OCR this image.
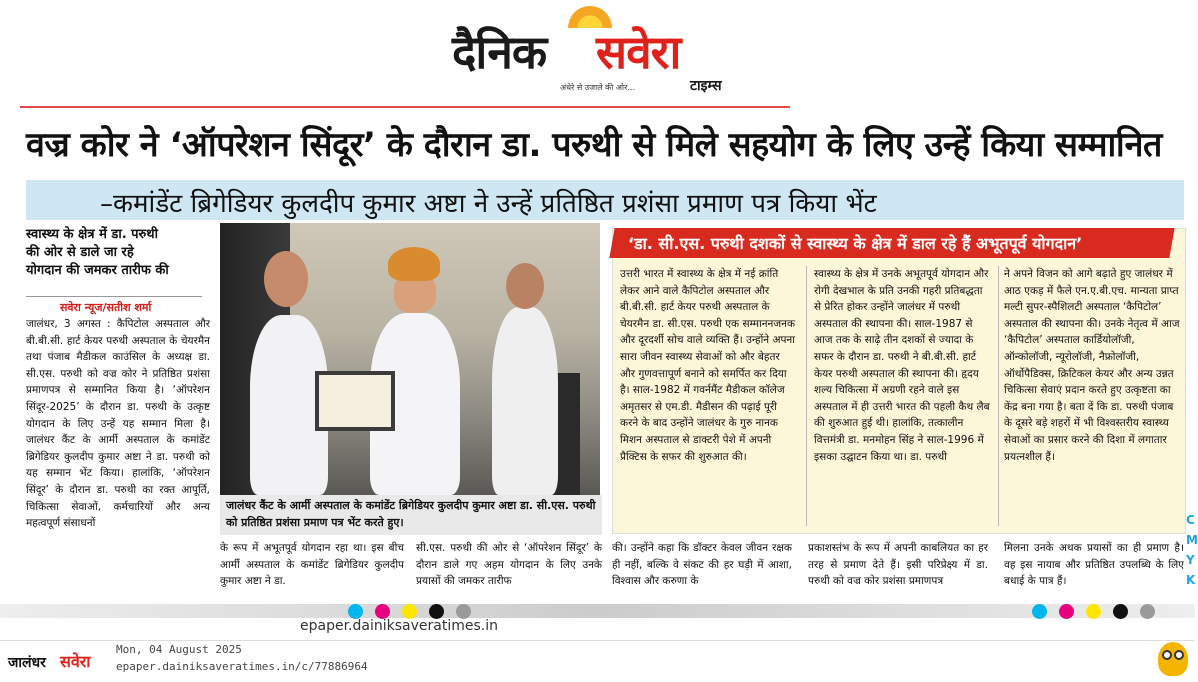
दैनिक सवेरा
अंधेरे से उजाले की ओर...	टाइम्स
वज्र कोर ने ‘ऑपरेशन सिंदूर’ के दौरान डा. परुथी से मिले सहयोग के लिए उन्हें किया सम्मानित
–कमांडेंट ब्रिगेडियर कुलदीप कुमार अष्टा ने उन्हें प्रतिष्ठित प्रशंसा प्रमाण पत्र किया भेंट
स्वास्थ्य के क्षेत्र में डा. परुथी
की ओर से डाले जा रहे
योगदान की जमकर तारीफ की
सवेरा न्यूज/सतीश शर्मा
जालंधर, 3 अगस्त : कैपिटोल अस्पताल और बी.बी.सी. हार्ट केयर परुथी अस्पताल के चेयरमैन तथा पंजाब मैडीकल काउंसिल के अध्यक्ष डा. सी.एस. परुथी को वज्र कोर ने प्रतिष्ठित प्रशंसा प्रमाणपत्र से सम्मानित किया है। ‘ऑपरेशन सिंदूर-2025’ के दौरान डा. परुथी के उत्कृष्ट योगदान के लिए उन्हें यह सम्मान मिला है। जालंधर कैंट के आर्मी अस्पताल के कमांडेंट ब्रिगेडियर कुलदीप कुमार अष्टा ने डा. परुथी को यह सम्मान भेंट किया। हालांकि, ‘ऑपरेशन सिंदूर’ के दौरान डा. परुथी का रक्त आपूर्ति, चिकित्सा सेवाओं, कर्मचारियों और अन्य महत्वपूर्ण संसाधनों
जालंधर कैंट के आर्मी अस्पताल के कमांडेंट ब्रिगेडियर कुलदीप कुमार अष्टा डा. सी.एस. परुथी को प्रतिष्ठित प्रशंसा प्रमाण पत्र भेंट करते हुए।
के रूप में अभूतपूर्व योगदान रहा था। इस बीच आर्मी अस्पताल के कमांडेंट ब्रिगेडियर कुलदीप कुमार अष्टा ने डा.
सी.एस. परुथी की ओर से ‘ऑपरेशन सिंदूर’ के दौरान डाले गए अहम योगदान के लिए उनके प्रयासों की जमकर तारीफ
‘डा. सी.एस. परुथी दशकों से स्वास्थ्य के क्षेत्र में डाल रहे हैं अभूतपूर्व योगदान’
उत्तरी भारत में स्वास्थ्य के क्षेत्र में नई क्रांति लेकर आने वाले कैपिटोल अस्पताल और बी.बी.सी. हार्ट केयर परुथी अस्पताल के चेयरमैन डा. सी.एस. परुथी एक सम्माननजनक और दूरदर्शी सोच वाले व्यक्ति हैं। उन्होंने अपना सारा जीवन स्वास्थ्य सेवाओं को और बेहतर और गुणवत्तापूर्ण बनाने को समर्पित कर दिया है। साल-1982 में गवर्नमैंट मैडीकल कॉलेज अमृतसर से एम.डी. मैडीसन की पढ़ाई पूरी करने के बाद उन्होंने जालंधर के गुरु नानक मिशन अस्पताल से डाक्टरी पेशे में अपनी प्रैक्टिस के सफर की शुरुआत की।
स्वास्थ्य के क्षेत्र में उनके अभूतपूर्व योगदान और रोगी देखभाल के प्रति उनकी गहरी प्रतिबद्धता से प्रेरित होकर उन्होंने जालंधर में परुथी अस्पताल की स्थापना की। साल-1987 से आज तक के साढ़े तीन दशकों से ज्यादा के सफर के दौरान डा. परुथी ने बी.बी.सी. हार्ट केयर परुथी अस्पताल की स्थापना की। हृदय शल्य चिकित्सा में अग्रणी रहने वाले इस अस्पताल में ही उत्तरी भारत की पहली कैथ लैब की शुरुआत हुई थी। हालांकि, तत्कालीन वित्तमंत्री डा. मनमोहन सिंह ने साल-1996 में इसका उद्घाटन किया था। डा. परुथी
ने अपने विजन को आगे बढ़ाते हुए जालंधर में आठ एकड़ में फैले एन.ए.बी.एच. मान्यता प्राप्त मल्टी सुपर-स्पैशिलटी अस्पताल ‘कैपिटोल’ अस्पताल की स्थापना की। उनके नेतृत्व में आज ‘कैपिटोल’ अस्पताल कार्डियोलॉजी, ऑन्कोलॉजी, न्यूरोलॉजी, नैफ्रोलॉजी, ऑर्थोपैडिक्स, क्रिटिकल केयर और अन्य उन्नत चिकित्सा सेवाएं प्रदान करते हुए उत्कृष्टता का केंद्र बना गया है। बता दें कि डा. परुथी पंजाब के दूसरे बड़े शहरों में भी विश्वस्तरीय स्वास्थ्य सेवाओं का प्रसार करने की दिशा में लगातार प्रयत्नशील हैं।
की। उन्होंने कहा कि डॉक्टर केवल जीवन रक्षक ही नहीं, बल्कि वे संकट की हर घड़ी में आशा, विश्वास और करुणा के
प्रकाशस्तंभ के रूप में अपनी काबलियत का हर तरह से प्रमाण देते हैं। इसी परिप्रेक्ष्य में डा. परुथी को वज्र कोर प्रशंसा प्रमाणपत्र
मिलना उनके अथक प्रयासों का ही प्रमाण है। वह इस नायाब और प्रतिष्ठित उपलब्धि के लिए बधाई के पात्र हैं।
C
M
Y
K
epaper.dainiksaveratimes.in
जालंधर सवेरा
Mon, 04 August 2025
epaper.dainiksaveratimes.in/c/77886964
